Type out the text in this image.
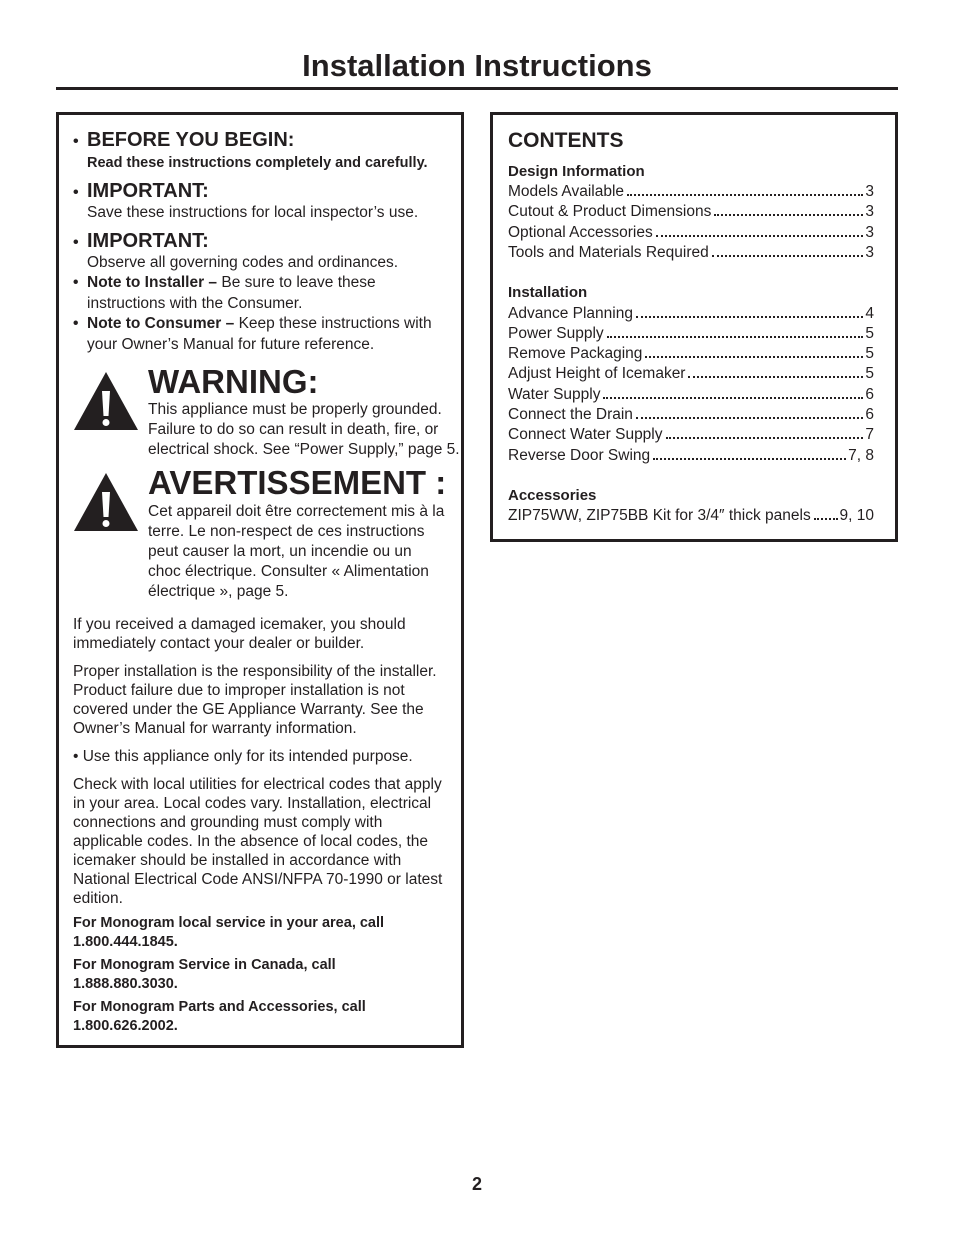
Installation Instructions
• BEFORE YOU BEGIN:
Read these instructions completely and carefully.
• IMPORTANT:
Save these instructions for local inspector’s use.
• IMPORTANT:
Observe all governing codes and ordinances.
• Note to Installer – Be sure to leave these instructions with the Consumer.
• Note to Consumer – Keep these instructions with your Owner’s Manual for future reference.
WARNING:
This appliance must be properly grounded. Failure to do so can result in death, fire, or electrical shock. See “Power Supply,” page 5.
AVERTISSEMENT :
Cet appareil doit être correctement mis à la terre. Le non-respect de ces instructions peut causer la mort, un incendie ou un choc électrique. Consulter « Alimentation électrique », page 5.

If you received a damaged icemaker, you should immediately contact your dealer or builder.

Proper installation is the responsibility of the installer. Product failure due to improper installation is not covered under the GE Appliance Warranty. See the Owner’s Manual for warranty information.

• Use this appliance only for its intended purpose.

Check with local utilities for electrical codes that apply in your area. Local codes vary. Installation, electrical connections and grounding must comply with applicable codes. In the absence of local codes, the icemaker should be installed in accordance with National Electrical Code ANSI/NFPA 70-1990 or latest edition.

For Monogram local service in your area, call 1.800.444.1845.

For Monogram Service in Canada, call 1.888.880.3030.

For Monogram Parts and Accessories, call 1.800.626.2002.

CONTENTS
Design Information
Models Available	3
Cutout & Product Dimensions	3
Optional Accessories	3
Tools and Materials Required	3
Installation
Advance Planning	4
Power Supply	5
Remove Packaging	5
Adjust Height of Icemaker	5
Water Supply	6
Connect the Drain	6
Connect Water Supply	7
Reverse Door Swing	7, 8
Accessories
ZIP75WW, ZIP75BB Kit for 3/4″ thick panels 9, 10
2
